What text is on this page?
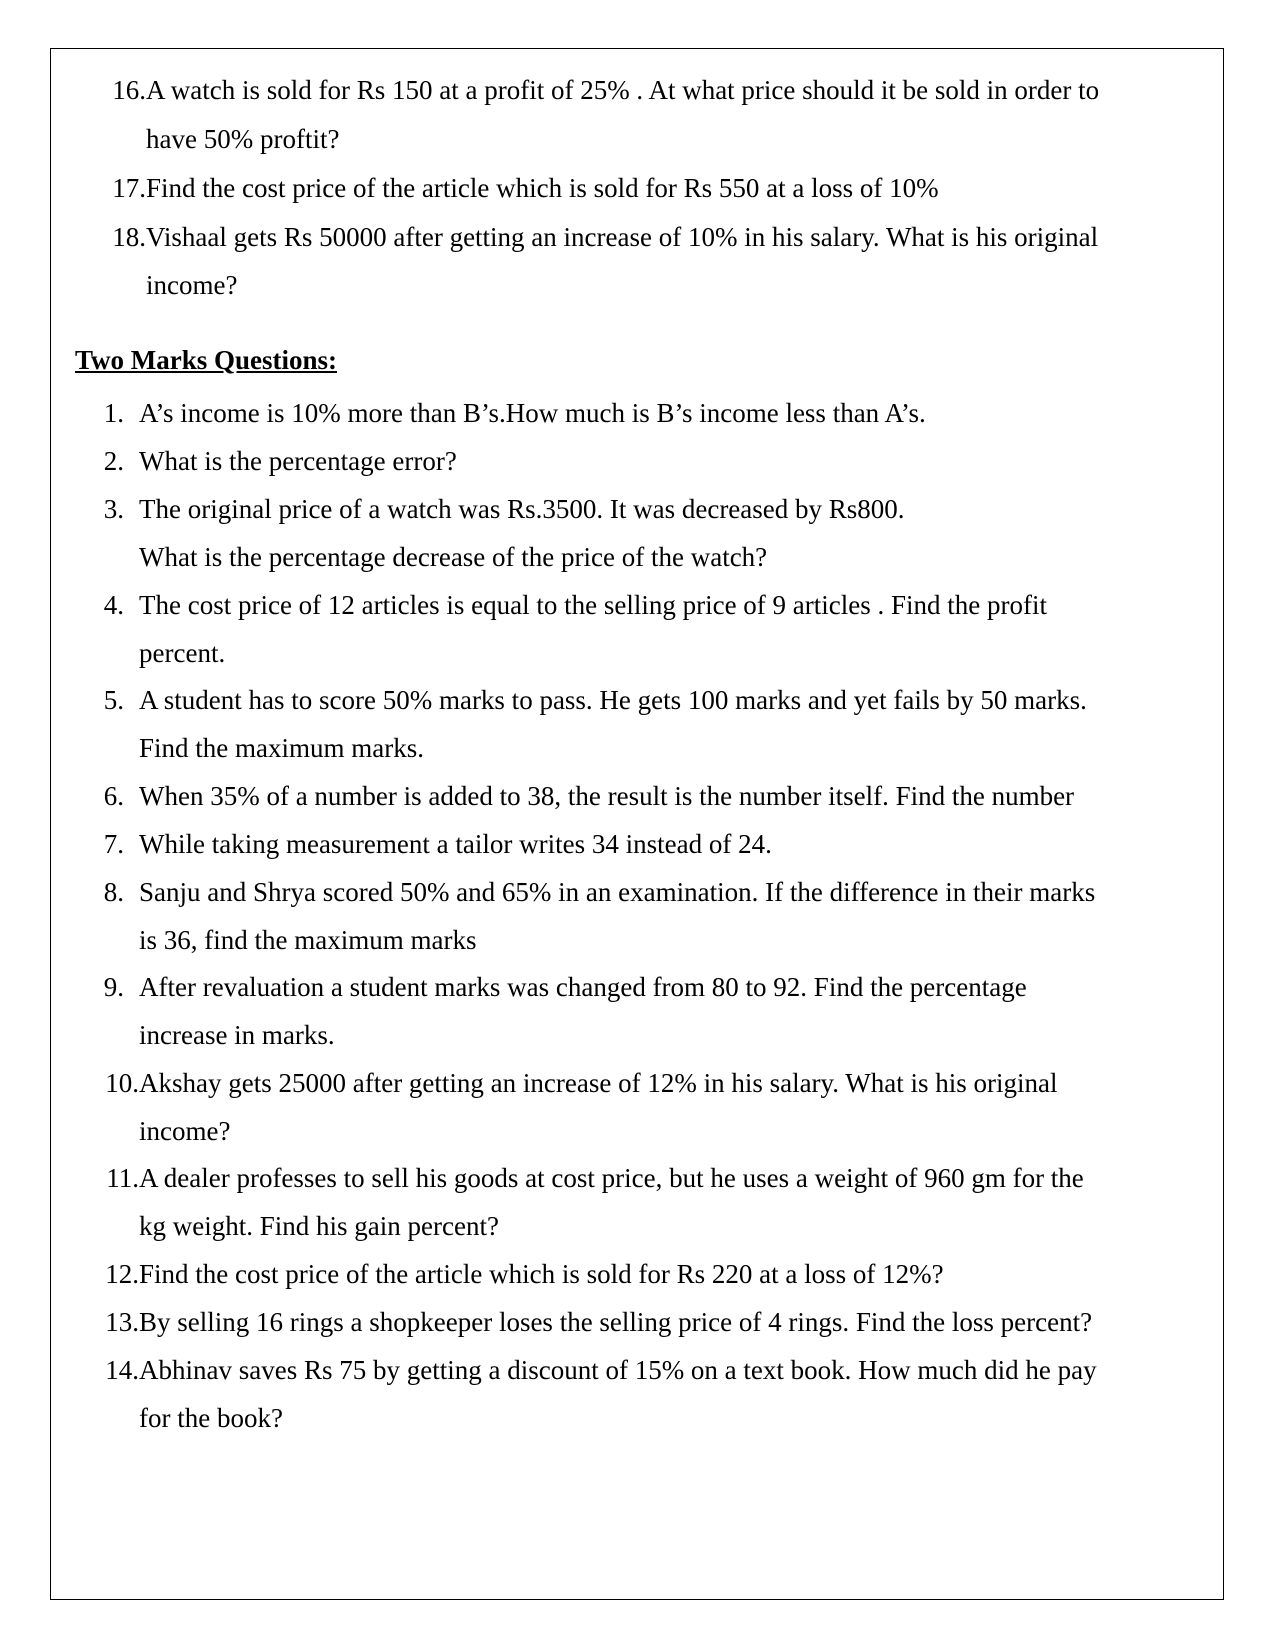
16. A watch is sold for Rs 150 at a profit of 25% . At what price should it be sold in order to
have 50% proftit?
17. Find the cost price of the article which is sold for Rs 550 at a loss of 10%
18. Vishaal gets Rs 50000 after getting an increase of 10% in his salary. What is his original
income?
Two Marks Questions:
1. A’s income is 10% more than B’s.How much is B’s income less than A’s.
2. What is the percentage error?
3. The original price of a watch was Rs.3500. It was decreased by Rs800.
What is the percentage decrease of the price of the watch?
4. The cost price of 12 articles is equal to the selling price of 9 articles . Find the profit
percent.
5. A student has to score 50% marks to pass. He gets 100 marks and yet fails by 50 marks.
Find the maximum marks.
6. When 35% of a number is added to 38, the result is the number itself. Find the number
7. While taking measurement a tailor writes 34 instead of 24.
8. Sanju and Shrya scored 50% and 65% in an examination. If the difference in their marks
is 36, find the maximum marks
9. After revaluation a student marks was changed from 80 to 92. Find the percentage
increase in marks.
10. Akshay gets 25000 after getting an increase of 12% in his salary. What is his original
income?
11. A dealer professes to sell his goods at cost price, but he uses a weight of 960 gm for the
kg weight. Find his gain percent?
12. Find the cost price of the article which is sold for Rs 220 at a loss of 12%?
13. By selling 16 rings a shopkeeper loses the selling price of 4 rings. Find the loss percent?
14. Abhinav saves Rs 75 by getting a discount of 15% on a text book. How much did he pay
for the book?
